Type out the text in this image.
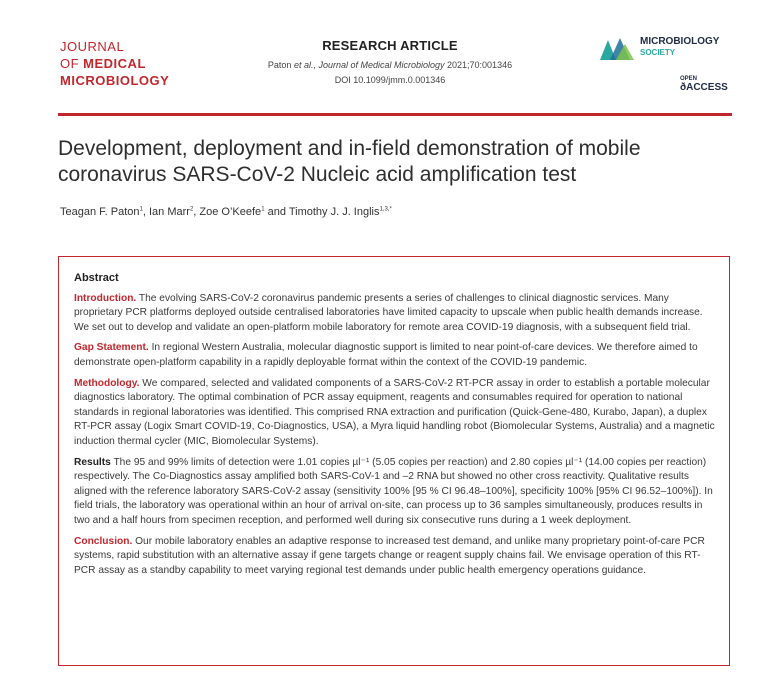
JOURNAL
OF MEDICAL
MICROBIOLOGY
RESEARCH ARTICLE
Paton et al., Journal of Medical Microbiology 2021;70:001346
DOI 10.1099/jmm.0.001346
MICROBIOLOGY
SOCIETY
OPEN
ðACCESS
Development, deployment and in-field demonstration of mobile coronavirus SARS-CoV-2 Nucleic acid amplification test
Teagan F. Paton$^1$, Ian Marr$^2$, Zoe O’Keefe$^1$ and Timothy J. J. Inglis$^{1,3,*}$
Abstract

Introduction. The evolving SARS-CoV-2 coronavirus pandemic presents a series of challenges to clinical diagnostic services. Many proprietary PCR platforms deployed outside centralised laboratories have limited capacity to upscale when public health demands increase. We set out to develop and validate an open-platform mobile laboratory for remote area COVID-19 diagnosis, with a subsequent field trial.

Gap Statement. In regional Western Australia, molecular diagnostic support is limited to near point-of-care devices. We therefore aimed to demonstrate open-platform capability in a rapidly deployable format within the context of the COVID-19 pandemic.

Methodology. We compared, selected and validated components of a SARS-CoV-2 RT-PCR assay in order to establish a portable molecular diagnostics laboratory. The optimal combination of PCR assay equipment, reagents and consumables required for operation to national standards in regional laboratories was identified. This comprised RNA extraction and purification (Quick-Gene-480, Kurabo, Japan), a duplex RT-PCR assay (Logix Smart COVID-19, Co-Diagnostics, USA), a Myra liquid handling robot (Biomolecular Systems, Australia) and a magnetic induction thermal cycler (MIC, Biomolecular Systems).

Results The 95 and 99% limits of detection were 1.01 copies µl⁻¹ (5.05 copies per reaction) and 2.80 copies µl⁻¹ (14.00 copies per reaction) respectively. The Co-Diagnostics assay amplified both SARS-CoV-1 and –2 RNA but showed no other cross reactivity. Qualitative results aligned with the reference laboratory SARS-CoV-2 assay (sensitivity 100% [95 % CI 96.48–100%], specificity 100% [95% CI 96.52–100%]). In field trials, the laboratory was operational within an hour of arrival on-site, can process up to 36 samples simultaneously, produces results in two and a half hours from specimen reception, and performed well during six consecutive runs during a 1 week deployment.

Conclusion. Our mobile laboratory enables an adaptive response to increased test demand, and unlike many proprietary point-of-care PCR systems, rapid substitution with an alternative assay if gene targets change or reagent supply chains fail. We envisage operation of this RT-PCR assay as a standby capability to meet varying regional test demands under public health emergency operations guidance.
